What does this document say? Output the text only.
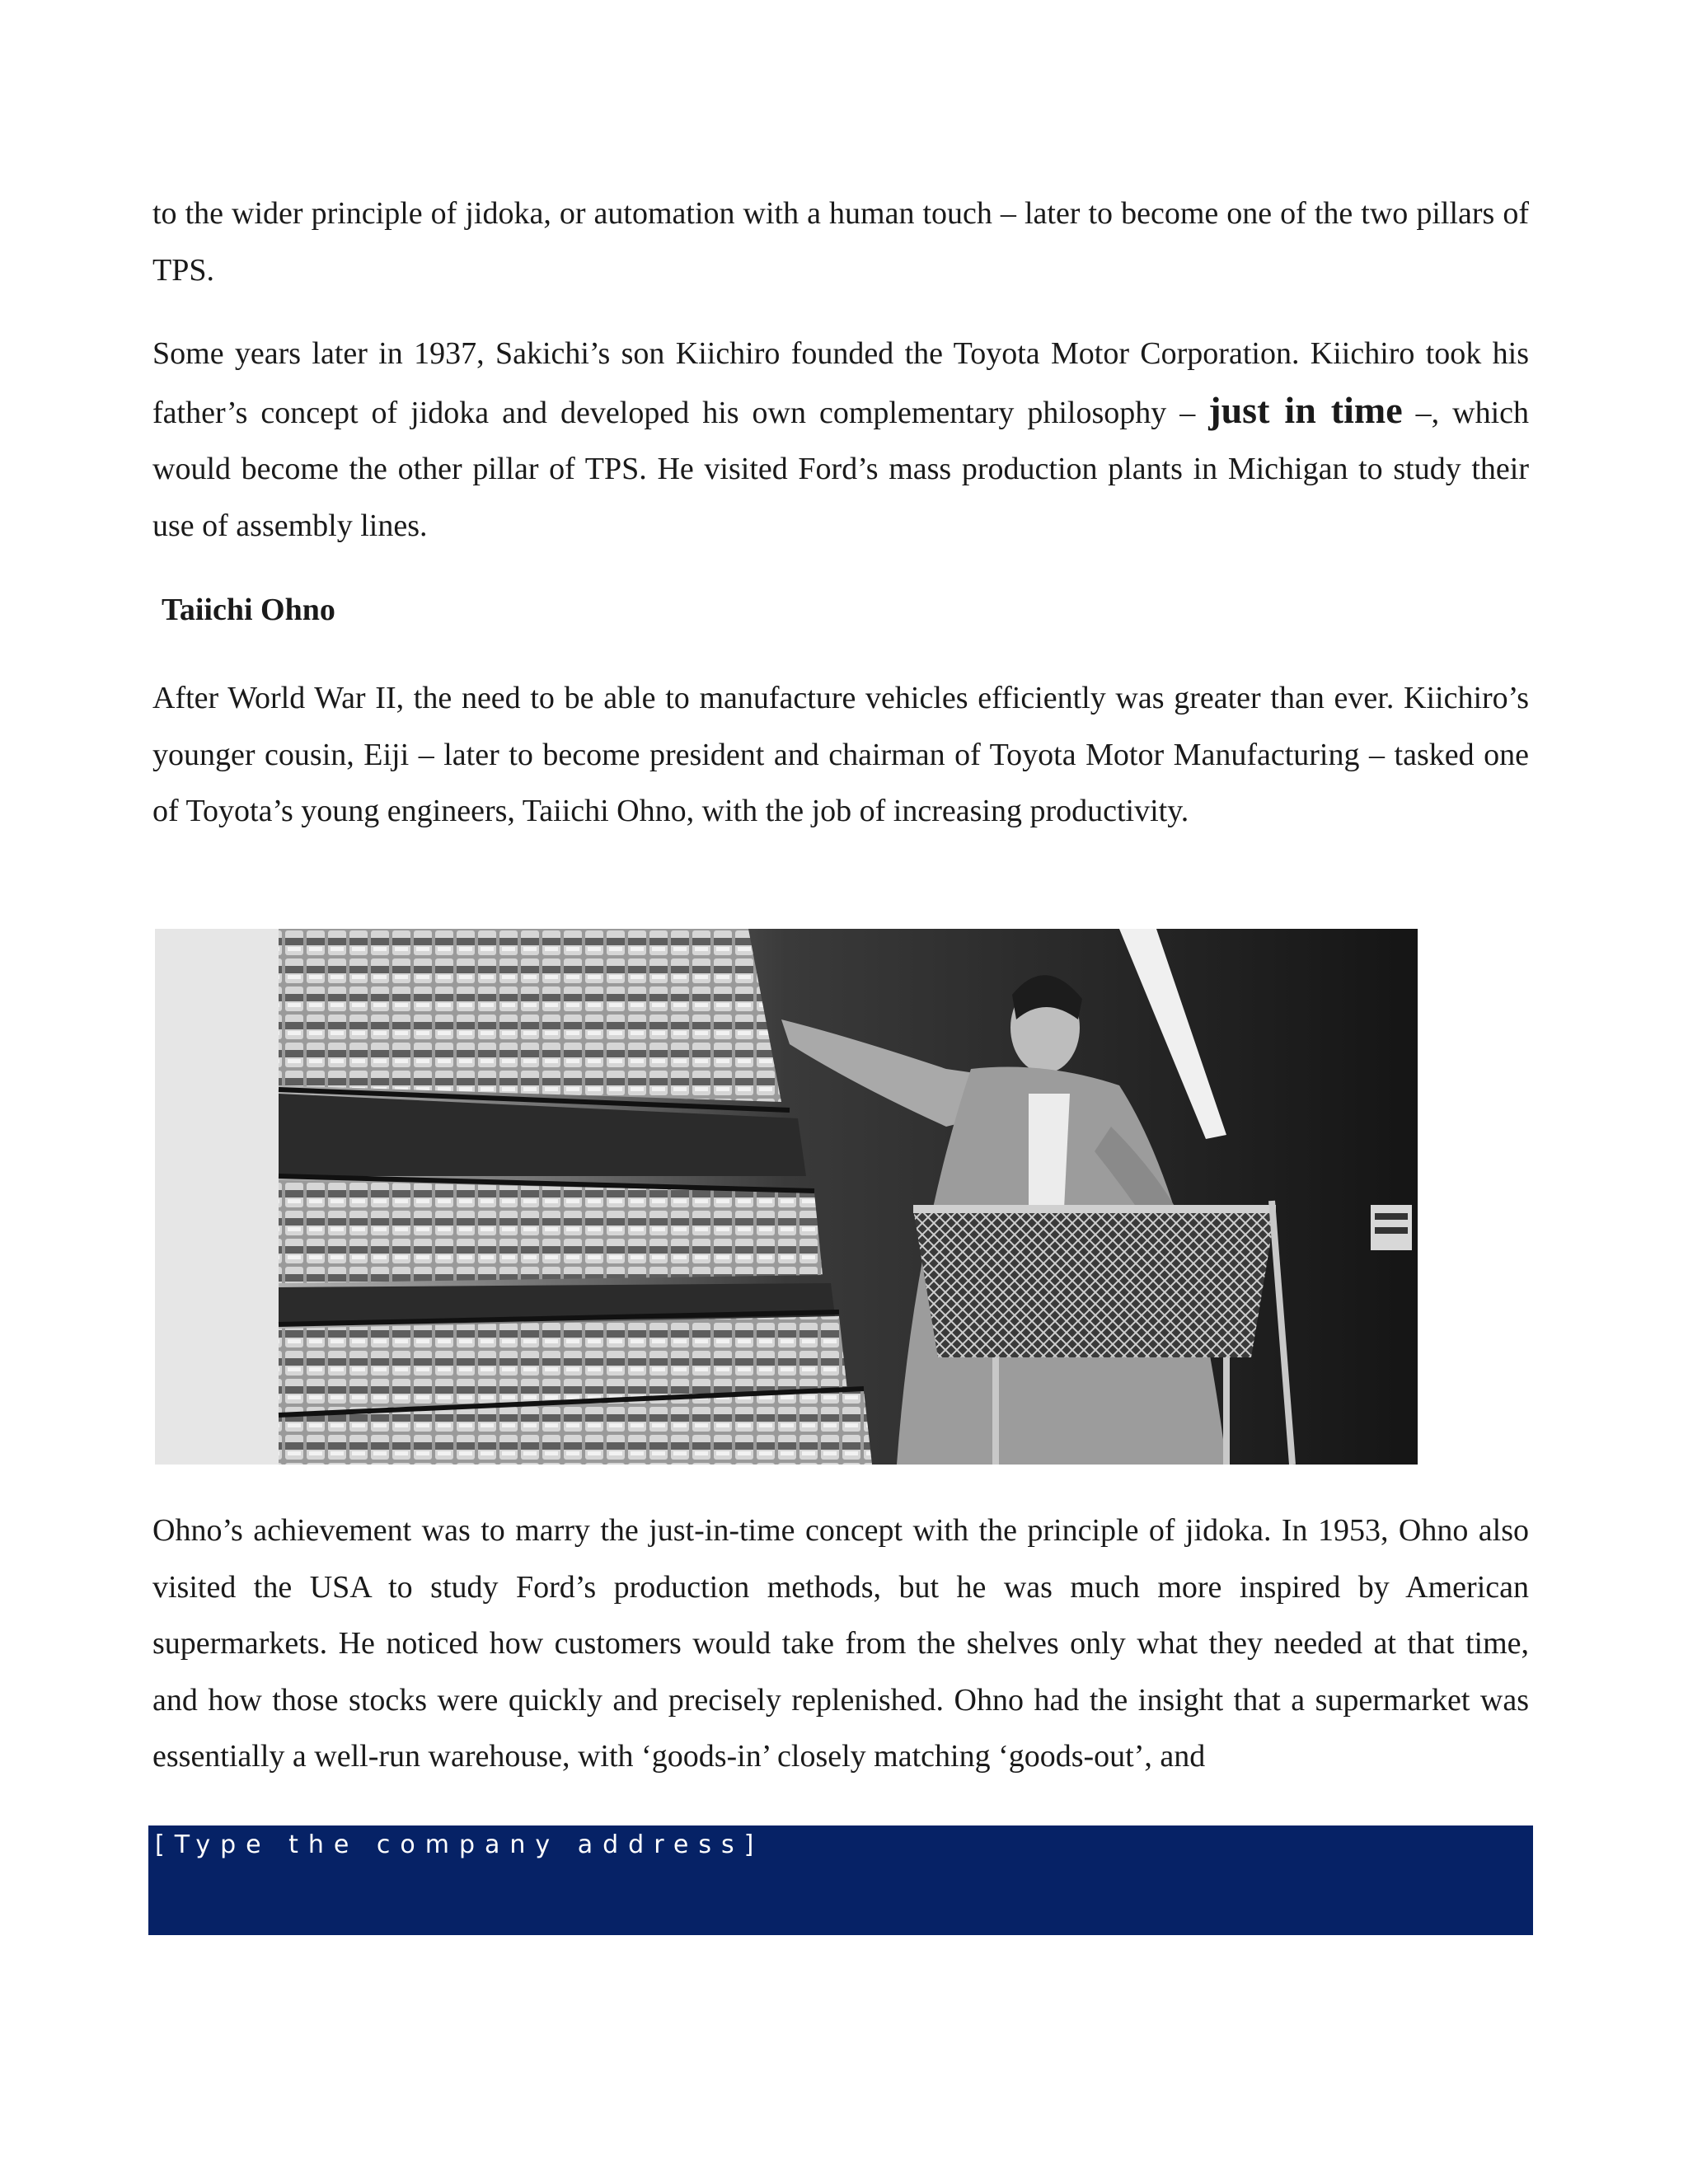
to the wider principle of jidoka, or automation with a human touch – later to become one of the two pillars of TPS.

Some years later in 1937, Sakichi’s son Kiichiro founded the Toyota Motor Corporation. Kiichiro took his father’s concept of jidoka and developed his own complementary philosophy – just in time –, which would become the other pillar of TPS. He visited Ford’s mass production plants in Michigan to study their use of assembly lines.

Taiichi Ohno

After World War II, the need to be able to manufacture vehicles efficiently was greater than ever. Kiichiro’s younger cousin, Eiji – later to become president and chairman of Toyota Motor Manufacturing – tasked one of Toyota’s young engineers, Taiichi Ohno, with the job of increasing productivity.

Ohno’s achievement was to marry the just-in-time concept with the principle of jidoka. In 1953, Ohno also visited the USA to study Ford’s production methods, but he was much more inspired by American supermarkets. He noticed how customers would take from the shelves only what they needed at that time, and how those stocks were quickly and precisely replenished. Ohno had the insight that a supermarket was essentially a well-run warehouse, with ‘goods-in’ closely matching ‘goods-out’, and

[Type the company address]
